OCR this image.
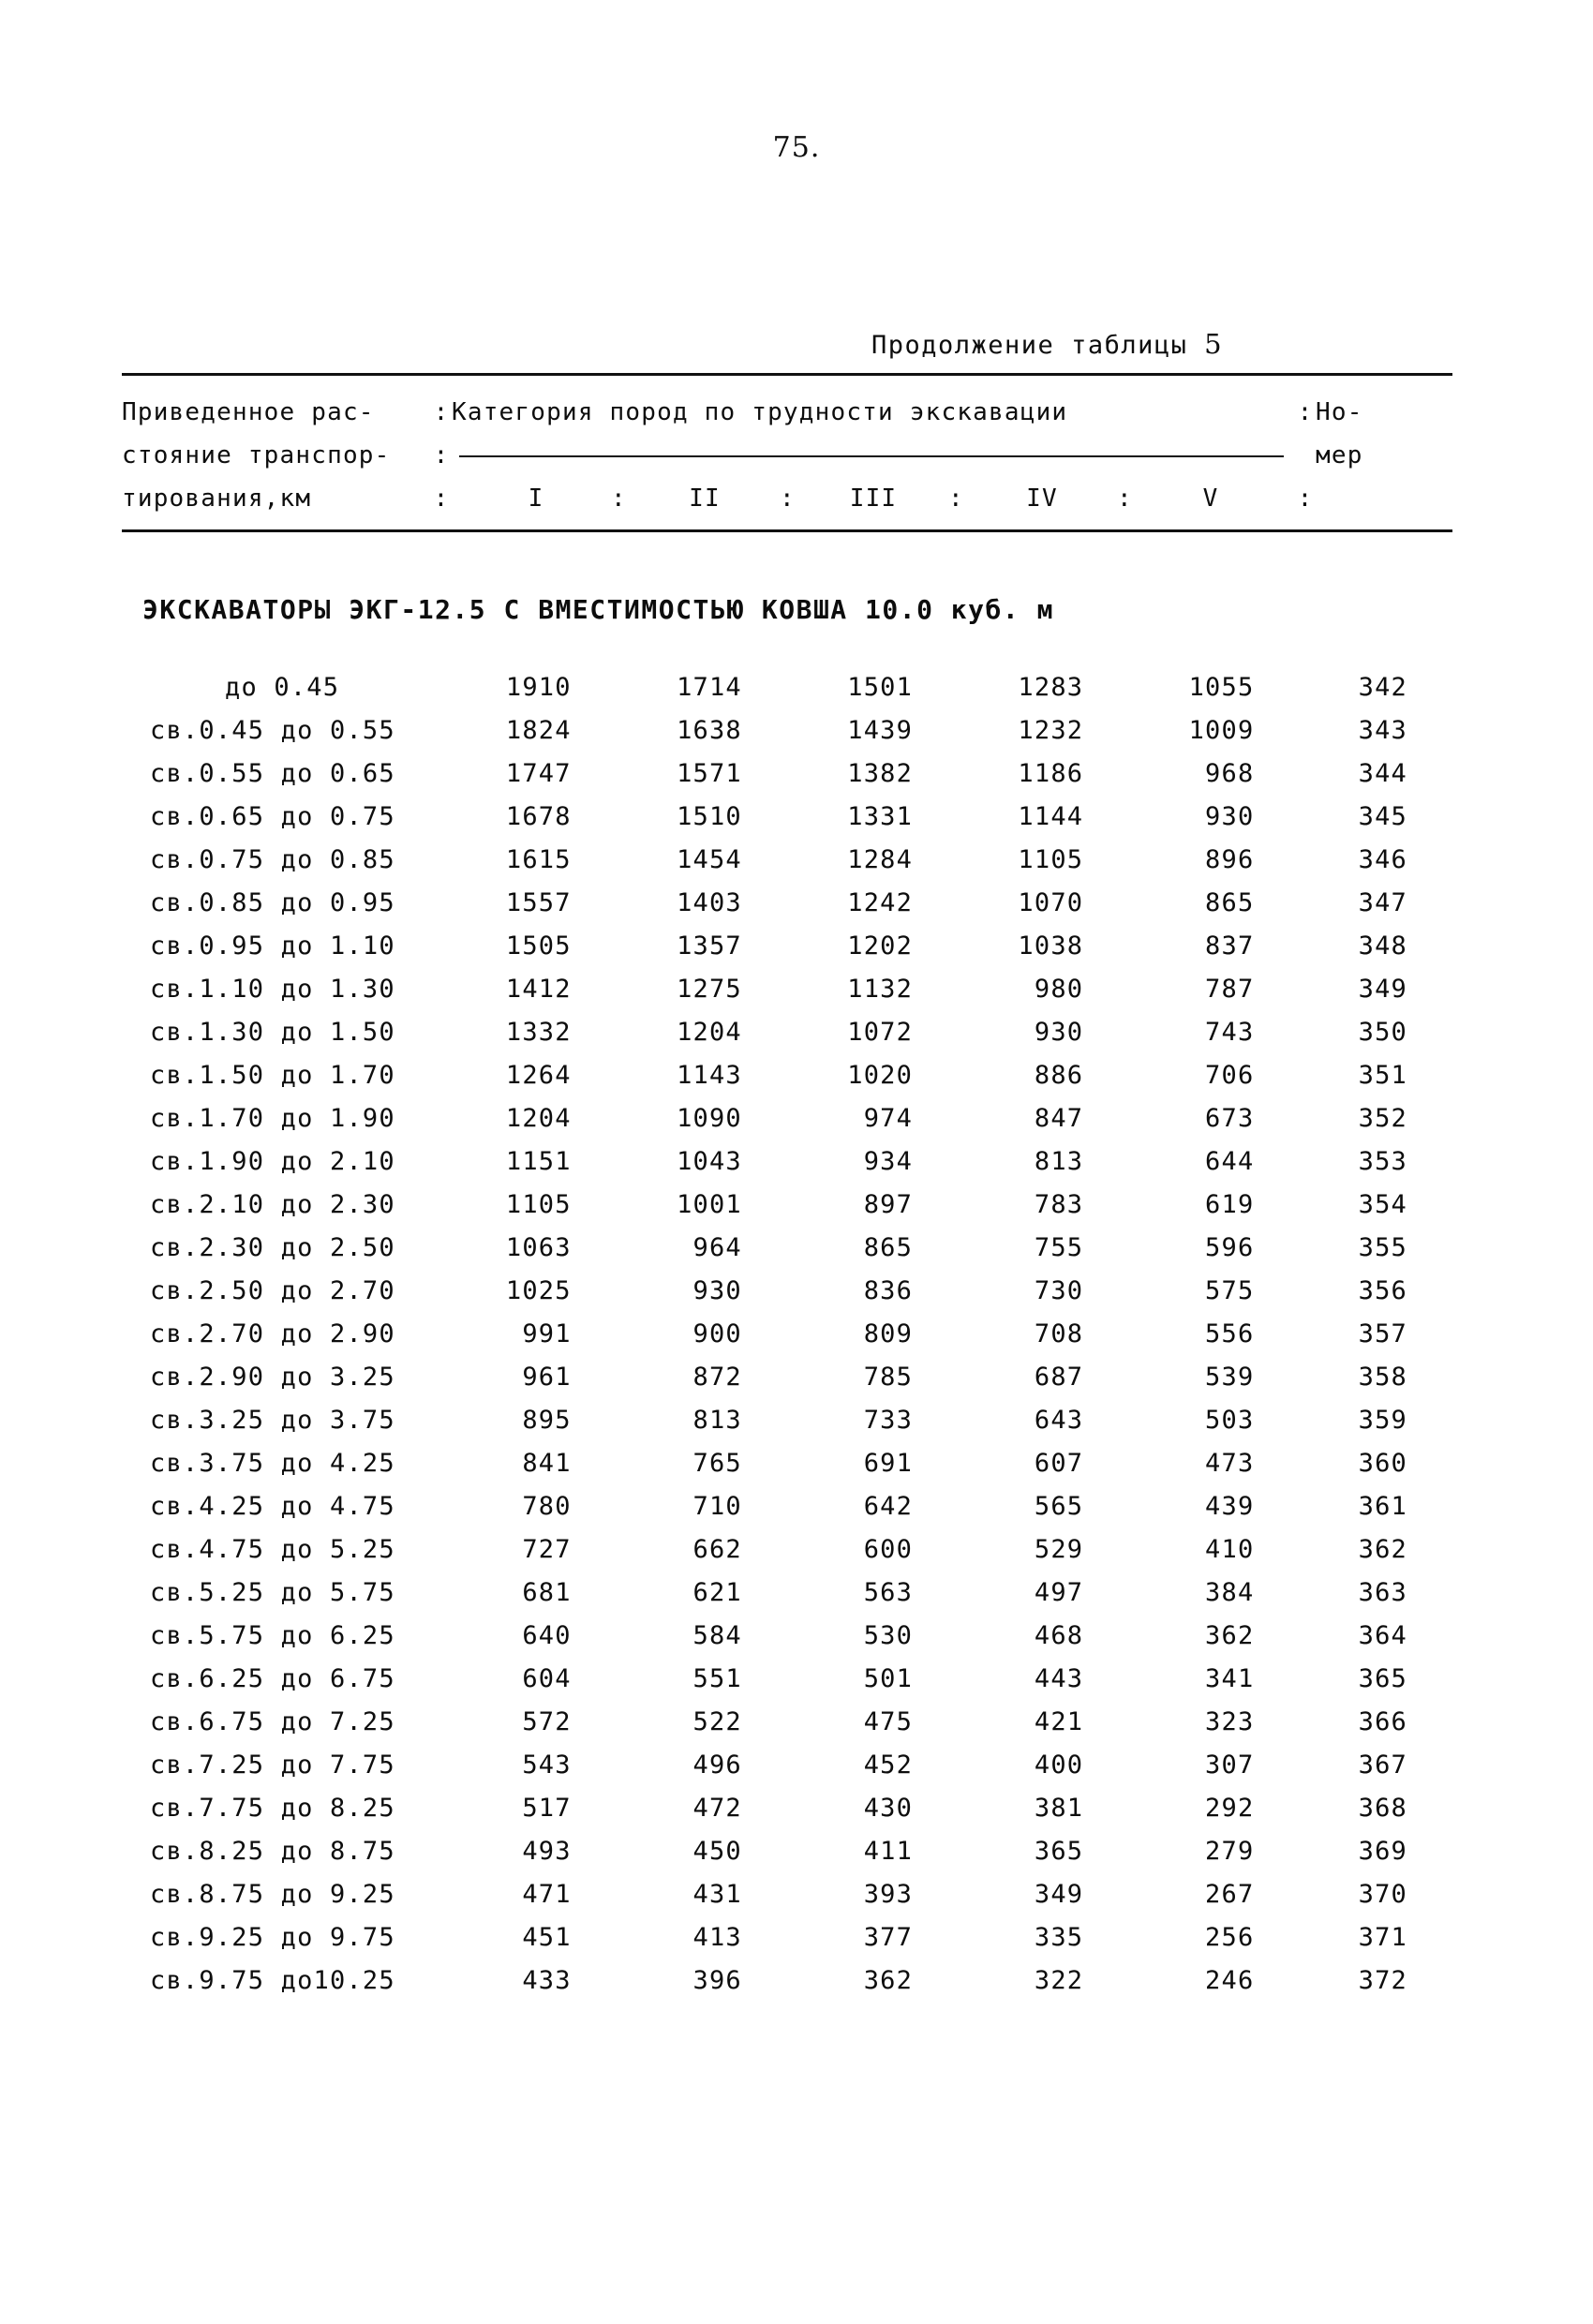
75.
Продолжение таблицы 5
Приведенное рас-	: Категория пород по трудности экскавации	: Но-
стояние транспор-	:	мер
тирования,км	:	I	:	II	: III	:	IV	:	V	:
ЭКСКАВАТОРЫ ЭКГ-12.5 С ВМЕСТИМОСТЬЮ КОВША 10.0 куб. м
до 0.45	1910	1714	1501	1283	1055	342
св.0.45 до 0.55	1824	1638	1439	1232	1009	343
св.0.55 до 0.65	1747	1571	1382	1186	968	344
св.0.65 до 0.75	1678	1510	1331	1144	930	345
св.0.75 до 0.85	1615	1454	1284	1105	896	346
св.0.85 до 0.95	1557	1403	1242	1070	865	347
св.0.95 до 1.10	1505	1357	1202	1038	837	348
св.1.10 до 1.30	1412	1275	1132	980	787	349
св.1.30 до 1.50	1332	1204	1072	930	743	350
св.1.50 до 1.70	1264	1143	1020	886	706	351
св.1.70 до 1.90	1204	1090	974	847	673	352
св.1.90 до 2.10	1151	1043	934	813	644	353
св.2.10 до 2.30	1105	1001	897	783	619	354
св.2.30 до 2.50	1063	964	865	755	596	355
св.2.50 до 2.70	1025	930	836	730	575	356
св.2.70 до 2.90	991	900	809	708	556	357
св.2.90 до 3.25	961	872	785	687	539	358
св.3.25 до 3.75	895	813	733	643	503	359
св.3.75 до 4.25	841	765	691	607	473	360
св.4.25 до 4.75	780	710	642	565	439	361
св.4.75 до 5.25	727	662	600	529	410	362
св.5.25 до 5.75	681	621	563	497	384	363
св.5.75 до 6.25	640	584	530	468	362	364
св.6.25 до 6.75	604	551	501	443	341	365
св.6.75 до 7.25	572	522	475	421	323	366
св.7.25 до 7.75	543	496	452	400	307	367
св.7.75 до 8.25	517	472	430	381	292	368
св.8.25 до 8.75	493	450	411	365	279	369
св.8.75 до 9.25	471	431	393	349	267	370
св.9.25 до 9.75	451	413	377	335	256	371
св.9.75 до10.25	433	396	362	322	246	372
